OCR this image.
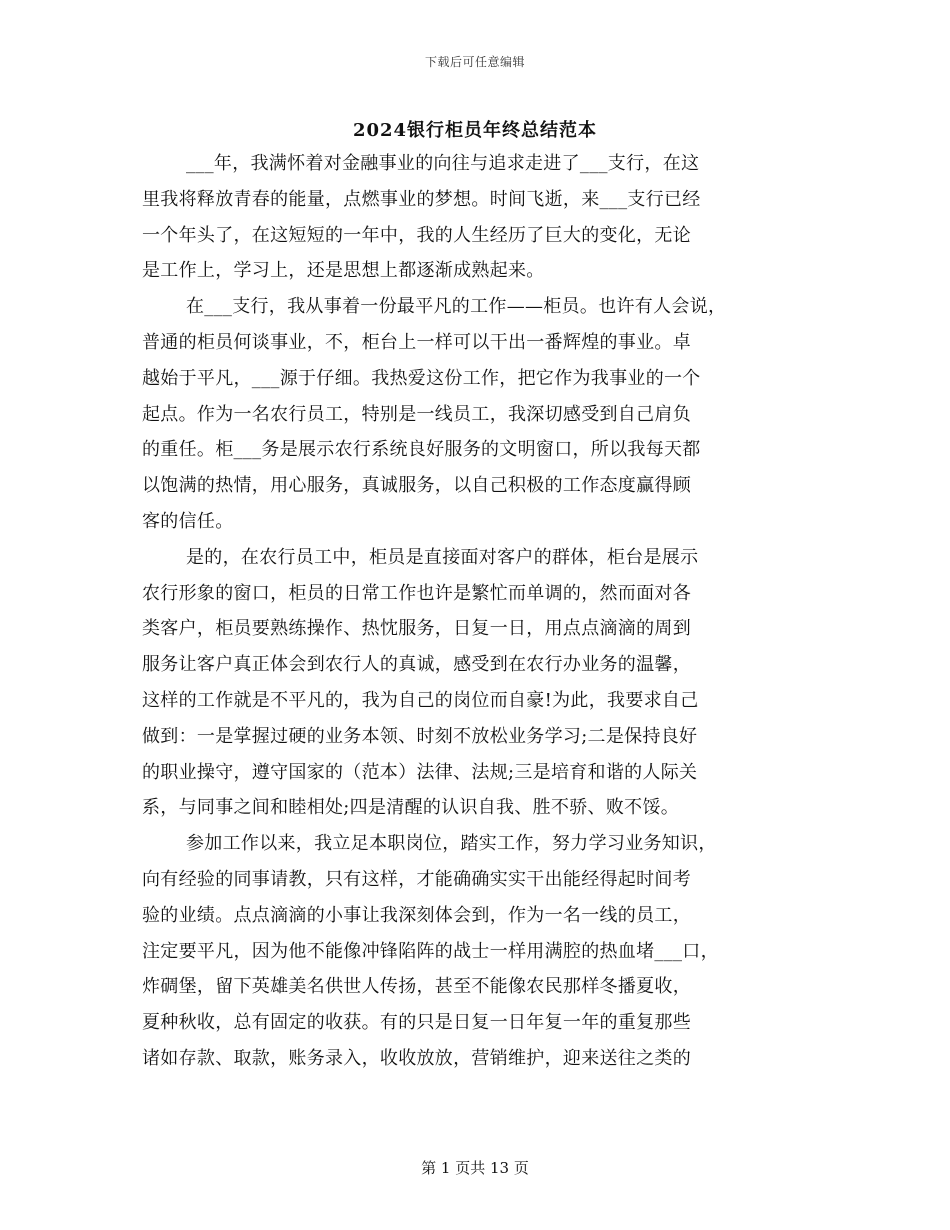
下载后可任意编辑
2024银行柜员年终总结范本

___年，我满怀着对金融事业的向往与追求走进了___支行，在这

里我将释放青春的能量，点燃事业的梦想。时间飞逝，来___支行已经

一个年头了，在这短短的一年中，我的人生经历了巨大的变化，无论

是工作上，学习上，还是思想上都逐渐成熟起来。

在___支行，我从事着一份最平凡的工作——柜员。也许有人会说，

普通的柜员何谈事业，不，柜台上一样可以干出一番辉煌的事业。卓

越始于平凡，___源于仔细。我热爱这份工作，把它作为我事业的一个

起点。作为一名农行员工，特别是一线员工，我深切感受到自己肩负

的重任。柜___务是展示农行系统良好服务的文明窗口，所以我每天都

以饱满的热情，用心服务，真诚服务，以自己积极的工作态度赢得顾

客的信任。

是的，在农行员工中，柜员是直接面对客户的群体，柜台是展示

农行形象的窗口，柜员的日常工作也许是繁忙而单调的，然而面对各

类客户，柜员要熟练操作、热忱服务，日复一日，用点点滴滴的周到

服务让客户真正体会到农行人的真诚，感受到在农行办业务的温馨，

这样的工作就是不平凡的，我为自己的岗位而自豪!为此，我要求自己

做到：一是掌握过硬的业务本领、时刻不放松业务学习;二是保持良好

的职业操守，遵守国家的（范本）法律、法规;三是培育和谐的人际关

系，与同事之间和睦相处;四是清醒的认识自我、胜不骄、败不馁。

参加工作以来，我立足本职岗位，踏实工作，努力学习业务知识，

向有经验的同事请教，只有这样，才能确确实实干出能经得起时间考

验的业绩。点点滴滴的小事让我深刻体会到，作为一名一线的员工，

注定要平凡，因为他不能像冲锋陷阵的战士一样用满腔的热血堵___口，

炸碉堡，留下英雄美名供世人传扬，甚至不能像农民那样冬播夏收，

夏种秋收，总有固定的收获。有的只是日复一日年复一年的重复那些

诸如存款、取款，账务录入，收收放放，营销维护，迎来送往之类的

第 1 页共 13 页
